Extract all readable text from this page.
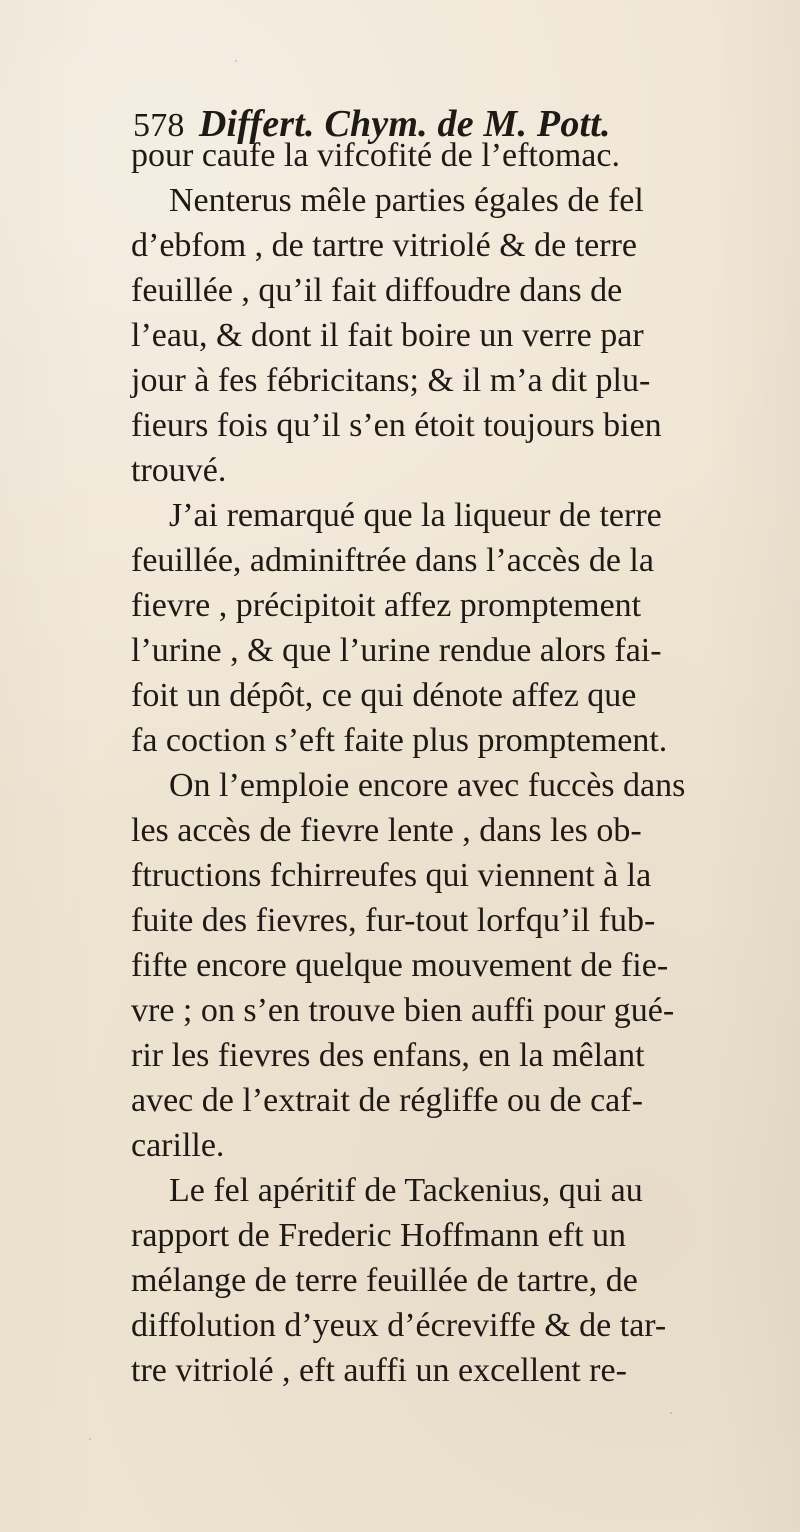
578 Differt. Chym. de M. Pott.
pour caufe la vifcofité de l’eftomac.
Nenterus mêle parties égales de fel
d’ebfom , de tartre vitriolé & de terre
feuillée , qu’il fait diffoudre dans de
l’eau, & dont il fait boire un verre par
jour à fes fébricitans; & il m’a dit plu-
fieurs fois qu’il s’en étoit toujours bien
trouvé.
J’ai remarqué que la liqueur de terre
feuillée, adminiftrée dans l’accès de la
fievre , précipitoit affez promptement
l’urine , & que l’urine rendue alors fai-
foit un dépôt, ce qui dénote affez que
fa coction s’eft faite plus promptement.
On l’emploie encore avec fuccès dans
les accès de fievre lente , dans les ob-
ftructions fchirreufes qui viennent à la
fuite des fievres, fur-tout lorfqu’il fub-
fifte encore quelque mouvement de fie-
vre ; on s’en trouve bien auffi pour gué-
rir les fievres des enfans, en la mêlant
avec de l’extrait de régliffe ou de caf-
carille.
Le fel apéritif de Tackenius, qui au
rapport de Frederic Hoffmann eft un
mélange de terre feuillée de tartre, de
diffolution d’yeux d’écreviffe & de tar-
tre vitriolé , eft auffi un excellent re-
